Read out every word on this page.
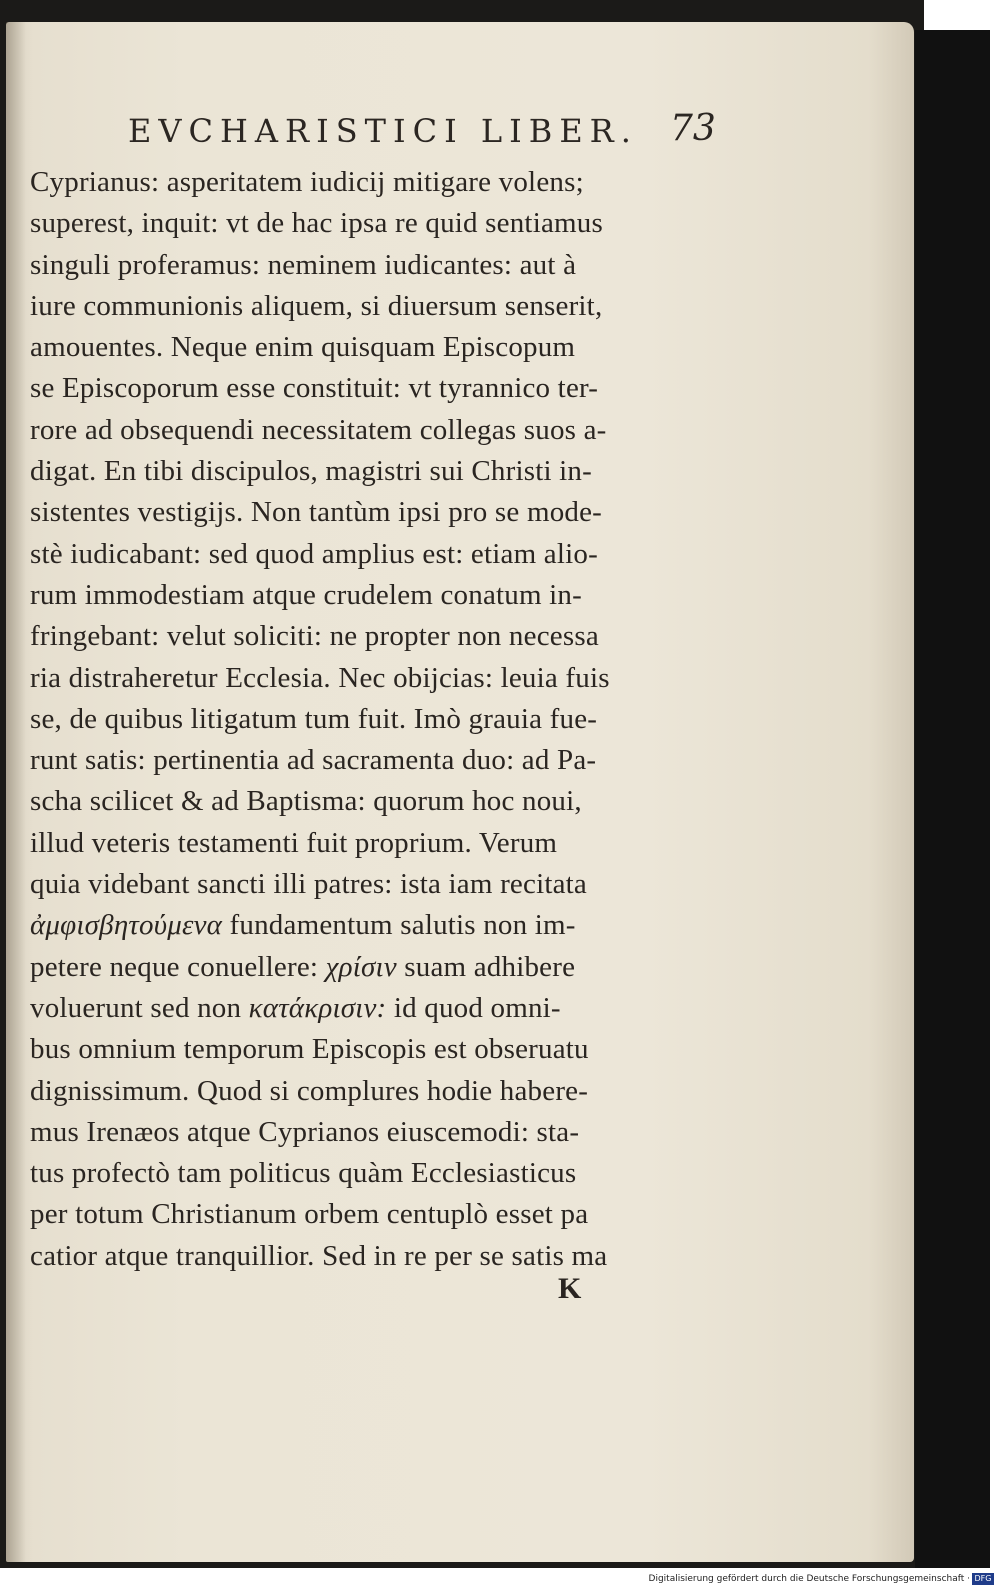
EVCHARISTICI LIBER. 73
Cyprianus: asperitatem iudicij mitigare volens;
superest, inquit: vt de hac ipsa re quid sentiamus
singuli proferamus: neminem iudicantes: aut à
iure communionis aliquem, si diuersum senserit,
amouentes. Neque enim quisquam Episcopum
se Episcoporum esse constituit: vt tyrannico ter-
rore ad obsequendi necessitatem collegas suos a-
digat. En tibi discipulos, magistri sui Christi in-
sistentes vestigijs. Non tantùm ipsi pro se mode-
stè iudicabant: sed quod amplius est: etiam alio-
rum immodestiam atque crudelem conatum in-
fringebant: velut soliciti: ne propter non necessa
ria distraheretur Ecclesia. Nec obijcias: leuia fuis
se, de quibus litigatum tum fuit. Imò grauia fue-
runt satis: pertinentia ad sacramenta duo: ad Pa-
scha scilicet & ad Baptisma: quorum hoc noui,
illud veteris testamenti fuit proprium. Verum
quia videbant sancti illi patres: ista iam recitata
ἀμφισβητούμενα fundamentum salutis non im-
petere neque conuellere: χρίσιν suam adhibere
voluerunt sed non κατάκρισιν: id quod omni-
bus omnium temporum Episcopis est obseruatu
dignissimum. Quod si complures hodie habere-
mus Irenæos atque Cyprianos eiuscemodi: sta-
tus profectò tam politicus quàm Ecclesiasticus
per totum Christianum orbem centuplò esset pa
catior atque tranquillior. Sed in re per se satis ma
K
Digitalisierung gefördert durch die Deutsche Forschungsgemeinschaft · DFG
